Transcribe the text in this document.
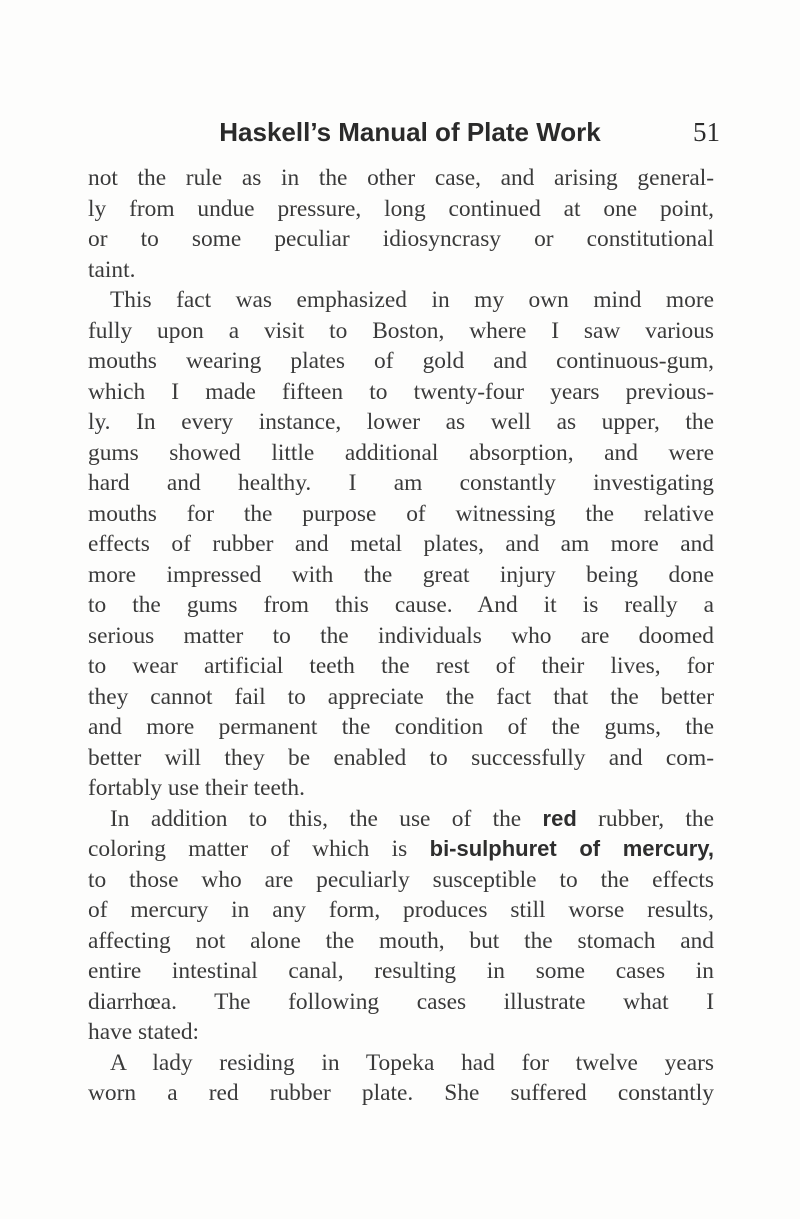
Haskell’s Manual of Plate Work	51

not the rule as in the other case, and arising general-
ly from undue pressure, long continued at one point,
or to some peculiar idiosyncrasy or constitutional
taint.

This fact was emphasized in my own mind more
fully upon a visit to Boston, where I saw various
mouths wearing plates of gold and continuous-gum,
which I made fifteen to twenty-four years previous-
ly. In every instance, lower as well as upper, the
gums showed little additional absorption, and were
hard and healthy. I am constantly investigating
mouths for the purpose of witnessing the relative
effects of rubber and metal plates, and am more and
more impressed with the great injury being done
to the gums from this cause. And it is really a
serious matter to the individuals who are doomed
to wear artificial teeth the rest of their lives, for
they cannot fail to appreciate the fact that the better
and more permanent the condition of the gums, the
better will they be enabled to successfully and com-
fortably use their teeth.

In addition to this, the use of the red rubber, the
coloring matter of which is bi-sulphuret of mercury,
to those who are peculiarly susceptible to the effects
of mercury in any form, produces still worse results,
affecting not alone the mouth, but the stomach and
entire intestinal canal, resulting in some cases in
diarrhœa. The following cases illustrate what I
have stated:

A lady residing in Topeka had for twelve years
worn a red rubber plate. She suffered constantly
